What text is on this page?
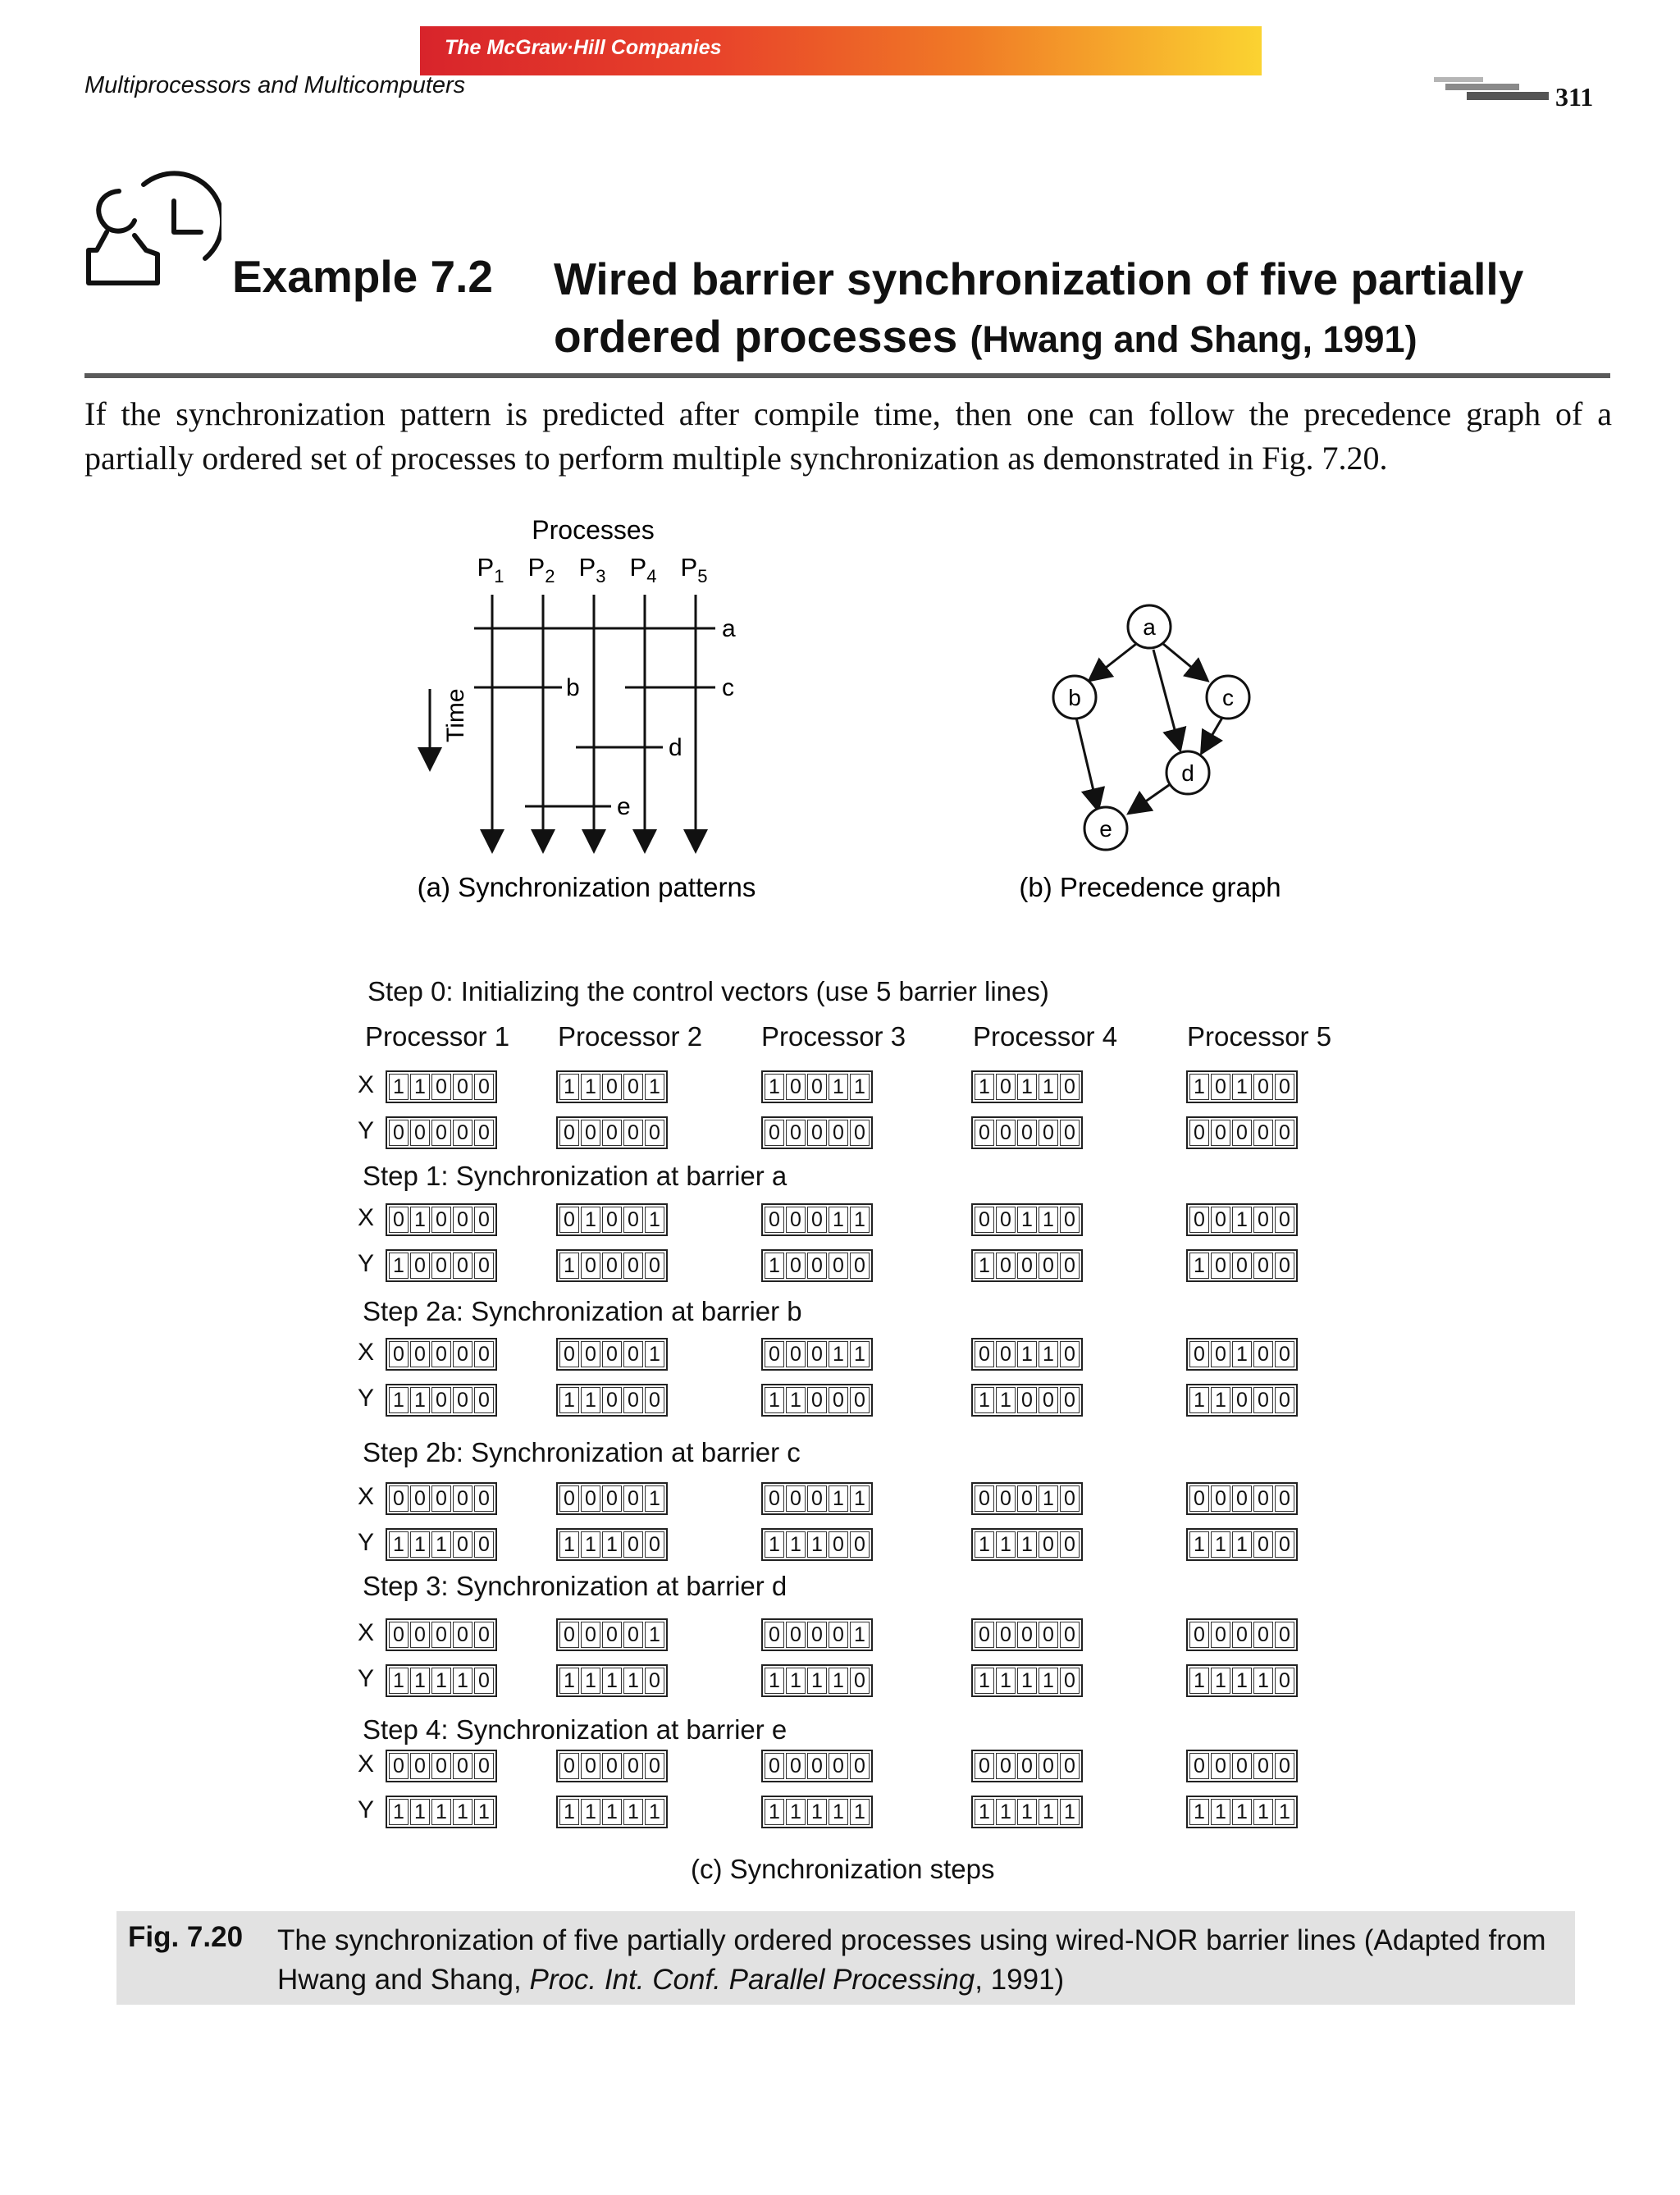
The McGraw·Hill Companies
Multiprocessors and Multicomputers	311
Example 7.2 Wired barrier synchronization of five partially ordered processes (Hwang and Shang, 1991)
If the synchronization pattern is predicted after compile time, then one can follow the precedence graph of a partially ordered set of processes to perform multiple synchronization as demonstrated in Fig. 7.20.
Processes
$P_1$ $P_2$ $P_3$ $P_4$ $P_5$
a
b	c
d
e
Time
(a) Synchronization patterns
a
b	c
d
e
(b) Precedence graph
Processor 1 Processor 2 Processor 3 Processor 4	Processor 5
Step 0: Initializing the control vectors (use 5 barrier lines)
X 1 1 0 0 0	1 1 0 0 1	1 0 0 1 1	1 0 1 1 0	1 0 1 0 0
Y 0 0 0 0 0	0 0 0 0 0	0 0 0 0 0	0 0 0 0 0	0 0 0 0 0
Step 1: Synchronization at barrier a
X 0 1 0 0 0	0 1 0 0 1	0 0 0 1 1	0 0 1 1 0	0 0 1 0 0
Y 1 0 0 0 0	1 0 0 0 0	1 0 0 0 0	1 0 0 0 0	1 0 0 0 0
Step 2a: Synchronization at barrier b
X 0 0 0 0 0	0 0 0 0 1	0 0 0 1 1	0 0 1 1 0	0 0 1 0 0
Y 1 1 0 0 0	1 1 0 0 0	1 1 0 0 0	1 1 0 0 0	1 1 0 0 0
Step 2b: Synchronization at barrier c
X 0 0 0 0 0	0 0 0 0 1	0 0 0 1 1	0 0 0 1 0	0 0 0 0 0
Y 1 1 1 0 0	1 1 1 0 0	1 1 1 0 0	1 1 1 0 0	1 1 1 0 0
Step 3: Synchronization at barrier d
X 0 0 0 0 0	0 0 0 0 1	0 0 0 0 1	0 0 0 0 0	0 0 0 0 0
Y 1 1 1 1 0	1 1 1 1 0	1 1 1 1 0	1 1 1 1 0	1 1 1 1 0
Step 4: Synchronization at barrier e
X 0 0 0 0 0	0 0 0 0 0	0 0 0 0 0	0 0 0 0 0	0 0 0 0 0
Y 1 1 1 1 1	1 1 1 1 1	1 1 1 1 1	1 1 1 1 1	1 1 1 1 1
(c) Synchronization steps
Fig. 7.20 The synchronization of five partially ordered processes using wired-NOR barrier lines (Adapted from Hwang and Shang, Proc. Int. Conf. Parallel Processing, 1991)
